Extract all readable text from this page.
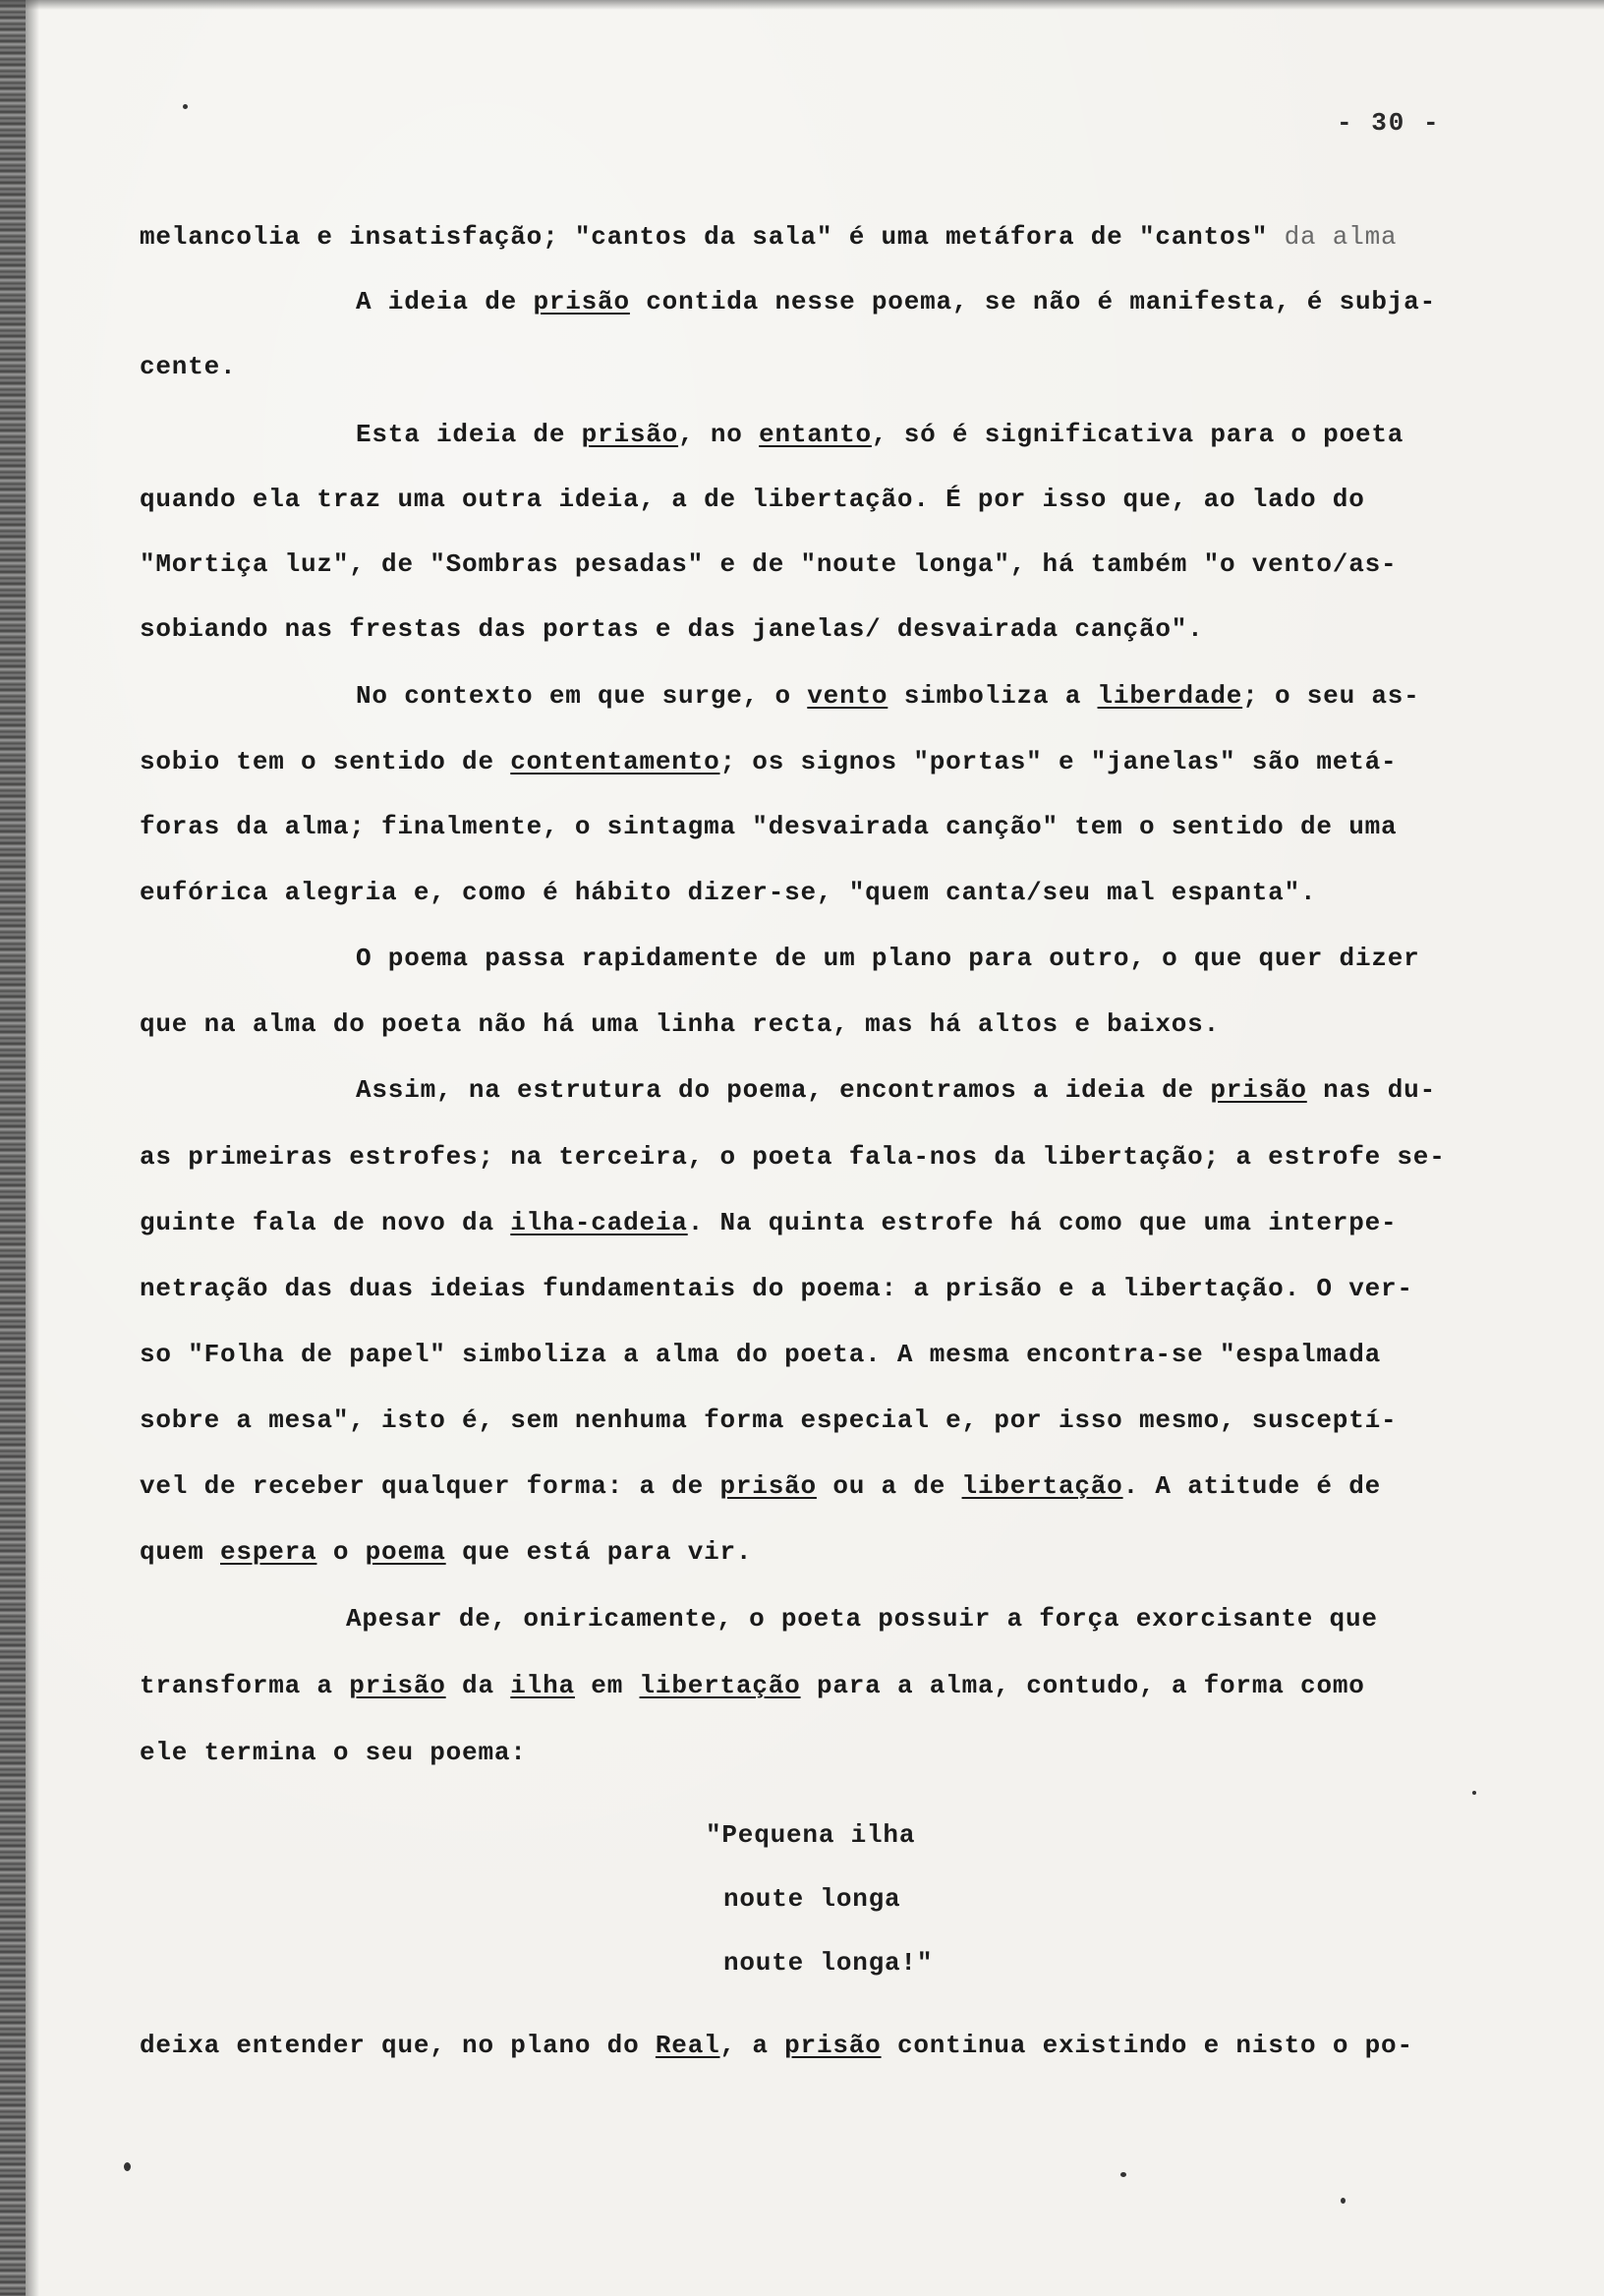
- 30 -
melancolia e insatisfação; "cantos da sala" é uma metáfora de "cantos" da alma
A ideia de prisão contida nesse poema, se não é manifesta, é subja-
cente.
Esta ideia de prisão, no entanto, só é significativa para o poeta
quando ela traz uma outra ideia, a de libertação. É por isso que, ao lado do
"Mortiça luz", de "Sombras pesadas" e de "noute longa", há também "o vento/as-
sobiando nas frestas das portas e das janelas/ desvairada canção".
No contexto em que surge, o vento simboliza a liberdade; o seu as-
sobio tem o sentido de contentamento; os signos "portas" e "janelas" são metá-
foras da alma; finalmente, o sintagma "desvairada canção" tem o sentido de uma
eufórica alegria e, como é hábito dizer-se, "quem canta/seu mal espanta".
O poema passa rapidamente de um plano para outro, o que quer dizer
que na alma do poeta não há uma linha recta, mas há altos e baixos.
Assim, na estrutura do poema, encontramos a ideia de prisão nas du-
as primeiras estrofes; na terceira, o poeta fala-nos da libertação; a estrofe se-
guinte fala de novo da ilha-cadeia. Na quinta estrofe há como que uma interpe-
netração das duas ideias fundamentais do poema: a prisão e a libertação. O ver-
so "Folha de papel" simboliza a alma do poeta. A mesma encontra-se "espalmada
sobre a mesa", isto é, sem nenhuma forma especial e, por isso mesmo, susceptí-
vel de receber qualquer forma: a de prisão ou a de libertação. A atitude é de
quem espera o poema que está para vir.
Apesar de, oniricamente, o poeta possuir a força exorcisante que
transforma a prisão da ilha em libertação para a alma, contudo, a forma como
ele termina o seu poema:
"Pequena ilha
noute longa
noute longa!"
deixa entender que, no plano do Real, a prisão continua existindo e nisto o po-
